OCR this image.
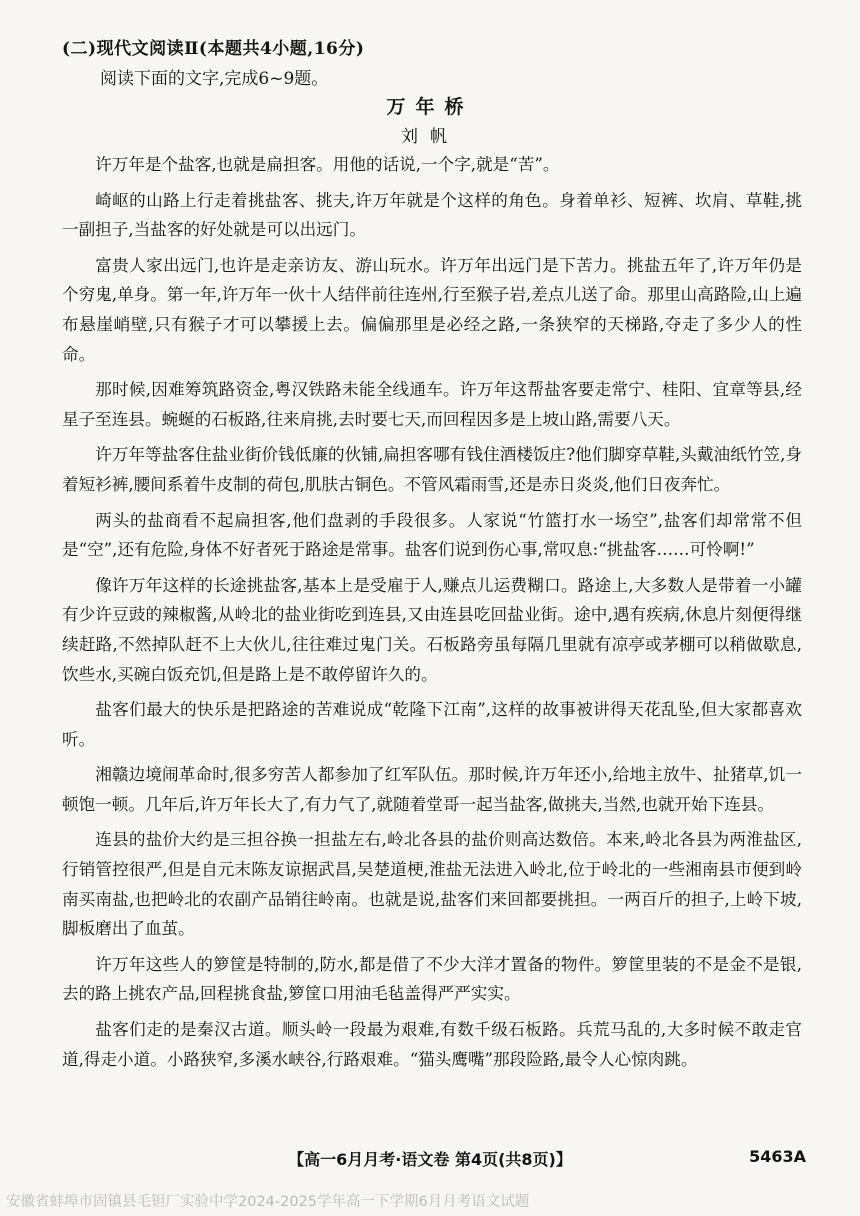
(二)现代文阅读Ⅱ(本题共4小题,16分)
阅读下面的文字,完成6~9题。
万年桥
刘帆

许万年是个盐客,也就是扁担客。用他的话说,一个字,就是“苦”。

崎岖的山路上行走着挑盐客、挑夫,许万年就是个这样的角色。身着单衫、短裤、坎肩、草鞋,挑一副担子,当盐客的好处就是可以出远门。

富贵人家出远门,也许是走亲访友、游山玩水。许万年出远门是下苦力。挑盐五年了,许万年仍是个穷鬼,单身。第一年,许万年一伙十人结伴前往连州,行至猴子岩,差点儿送了命。那里山高路险,山上遍布悬崖峭壁,只有猴子才可以攀援上去。偏偏那里是必经之路,一条狭窄的天梯路,夺走了多少人的性命。

那时候,因难筹筑路资金,粤汉铁路未能全线通车。许万年这帮盐客要走常宁、桂阳、宜章等县,经星子至连县。蜿蜒的石板路,往来肩挑,去时要七天,而回程因多是上坡山路,需要八天。

许万年等盐客住盐业街价钱低廉的伙铺,扁担客哪有钱住酒楼饭庄?他们脚穿草鞋,头戴油纸竹笠,身着短衫裤,腰间系着牛皮制的荷包,肌肤古铜色。不管风霜雨雪,还是赤日炎炎,他们日夜奔忙。

两头的盐商看不起扁担客,他们盘剥的手段很多。人家说“竹篮打水一场空”,盐客们却常常不但是“空”,还有危险,身体不好者死于路途是常事。盐客们说到伤心事,常叹息:“挑盐客……可怜啊!”

像许万年这样的长途挑盐客,基本上是受雇于人,赚点儿运费糊口。路途上,大多数人是带着一小罐有少许豆豉的辣椒酱,从岭北的盐业街吃到连县,又由连县吃回盐业街。途中,遇有疾病,休息片刻便得继续赶路,不然掉队赶不上大伙儿,往往难过鬼门关。石板路旁虽每隔几里就有凉亭或茅棚可以稍做歇息,饮些水,买碗白饭充饥,但是路上是不敢停留许久的。

盐客们最大的快乐是把路途的苦难说成“乾隆下江南”,这样的故事被讲得天花乱坠,但大家都喜欢听。

湘赣边境闹革命时,很多穷苦人都参加了红军队伍。那时候,许万年还小,给地主放牛、扯猪草,饥一顿饱一顿。几年后,许万年长大了,有力气了,就随着堂哥一起当盐客,做挑夫,当然,也就开始下连县。

连县的盐价大约是三担谷换一担盐左右,岭北各县的盐价则高达数倍。本来,岭北各县为两淮盐区,行销管控很严,但是自元末陈友谅据武昌,吴楚道梗,淮盐无法进入岭北,位于岭北的一些湘南县市便到岭南买南盐,也把岭北的农副产品销往岭南。也就是说,盐客们来回都要挑担。一两百斤的担子,上岭下坡,脚板磨出了血茧。

许万年这些人的箩筐是特制的,防水,都是借了不少大洋才置备的物件。箩筐里装的不是金不是银,去的路上挑农产品,回程挑食盐,箩筐口用油毛毡盖得严严实实。

盐客们走的是秦汉古道。顺头岭一段最为艰难,有数千级石板路。兵荒马乱的,大多时候不敢走官道,得走小道。小路狭窄,多溪水峡谷,行路艰难。“猫头鹰嘴”那段险路,最令人心惊肉跳。

【高一6月月考·语文卷 第4页(共8页)】	5463A
安徽省蚌埠市固镇县毛钽厂实验中学2024-2025学年高一下学期6月月考语文试题
